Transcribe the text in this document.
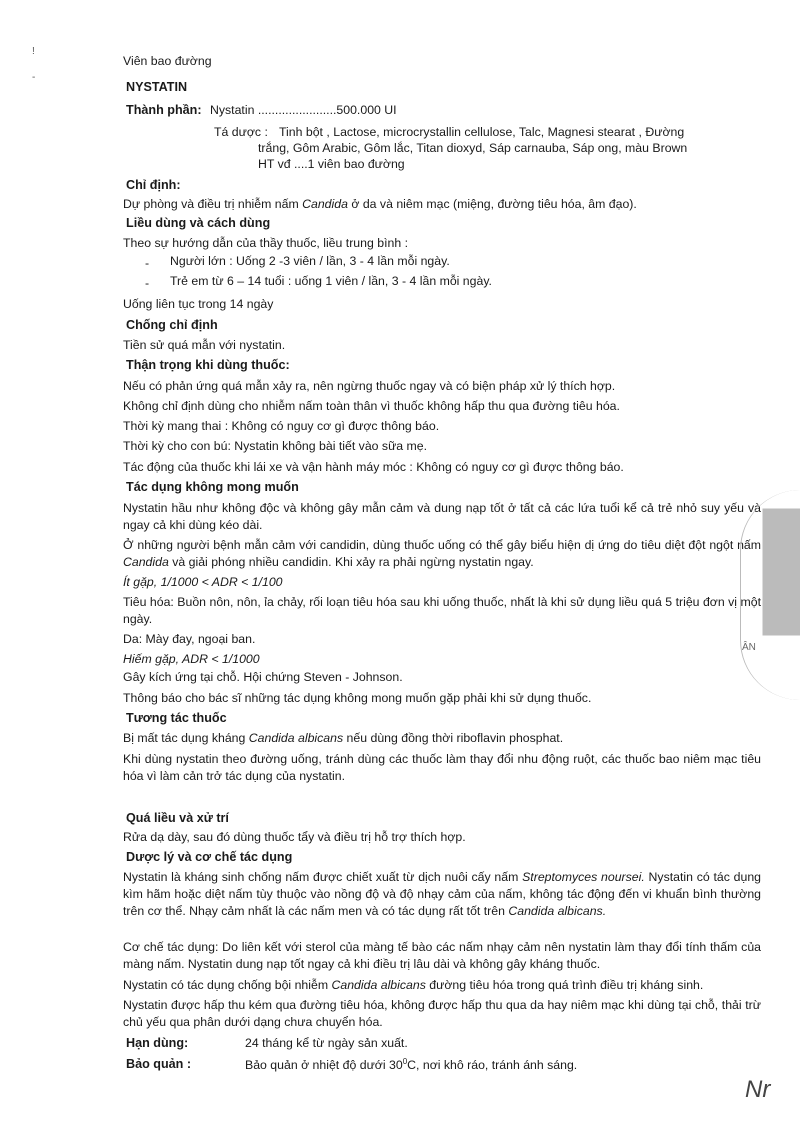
!
-
Viên bao đường
NYSTATIN
Thành phần: Nystatin .......................500.000 UI
Tá dược : Tinh bột , Lactose, microcrystallin cellulose, Talc, Magnesi stearat , Đường
trắng, Gôm Arabic, Gôm lắc, Titan dioxyd, Sáp carnauba, Sáp ong, màu Brown
HT vđ ....1 viên bao đường
Chỉ định:
Dự phòng và điều trị nhiễm nấm Candida ở da và niêm mạc (miệng, đường tiêu hóa, âm đạo).
Liều dùng và cách dùng
Theo sự hướng dẫn của thầy thuốc, liều trung bình :
- Người lớn : Uống 2 -3 viên / lần, 3 - 4 lần mỗi ngày.
- Trẻ em từ 6 – 14 tuổi : uống 1 viên / lần, 3 - 4 lần mỗi ngày.
Uống liên tục trong 14 ngày
Chống chỉ định
Tiền sử quá mẫn với nystatin.
Thận trọng khi dùng thuốc:
Nếu có phản ứng quá mẫn xảy ra, nên ngừng thuốc ngay và có biện pháp xử lý thích hợp.
Không chỉ định dùng cho nhiễm nấm toàn thân vì thuốc không hấp thu qua đường tiêu hóa.
Thời kỳ mang thai : Không có nguy cơ gì được thông báo.
Thời kỳ cho con bú: Nystatin không bài tiết vào sữa mẹ.
Tác động của thuốc khi lái xe và vận hành máy móc : Không có nguy cơ gì được thông báo.
Tác dụng không mong muốn
Nystatin hầu như không độc và không gây mẫn cảm và dung nạp tốt ở tất cả các lứa tuổi kể cả trẻ nhỏ suy yếu và ngay cả khi dùng kéo dài.
Ở những người bệnh mẫn cảm với candidin, dùng thuốc uống có thể gây biểu hiện dị ứng do tiêu diệt đột ngột nấm Candida và giải phóng nhiều candidin. Khi xảy ra phải ngừng nystatin ngay.
Ít gặp, 1/1000 < ADR < 1/100
Tiêu hóa: Buồn nôn, nôn, ỉa chảy, rối loạn tiêu hóa sau khi uống thuốc, nhất là khi sử dụng liều quá 5 triệu đơn vị một ngày.
Da: Mày đay, ngoại ban.
Hiếm gặp, ADR < 1/1000
Gây kích ứng tại chỗ. Hội chứng Steven - Johnson.
Thông báo cho bác sĩ những tác dụng không mong muốn gặp phải khi sử dụng thuốc.
Tương tác thuốc
Bị mất tác dụng kháng Candida albicans nếu dùng đồng thời riboflavin phosphat.
Khi dùng nystatin theo đường uống, tránh dùng các thuốc làm thay đổi nhu động ruột, các thuốc bao niêm mạc tiêu hóa vì làm cản trở tác dụng của nystatin.
Quá liều và xử trí
Rửa dạ dày, sau đó dùng thuốc tẩy và điều trị hỗ trợ thích hợp.
Dược lý và cơ chế tác dụng
Nystatin là kháng sinh chống nấm được chiết xuất từ dịch nuôi cấy nấm Streptomyces noursei. Nystatin có tác dụng kìm hãm hoặc diệt nấm tùy thuộc vào nồng độ và độ nhạy cảm của nấm, không tác động đến vi khuẩn bình thường trên cơ thể. Nhạy cảm nhất là các nấm men và có tác dụng rất tốt trên Candida albicans.
Cơ chế tác dụng: Do liên kết với sterol của màng tế bào các nấm nhạy cảm nên nystatin làm thay đổi tính thấm của màng nấm. Nystatin dung nạp tốt ngay cả khi điều trị lâu dài và không gây kháng thuốc.
Nystatin có tác dụng chống bội nhiễm Candida albicans đường tiêu hóa trong quá trình điều trị kháng sinh.
Nystatin được hấp thu kém qua đường tiêu hóa, không được hấp thu qua da hay niêm mạc khi dùng tại chỗ, thải trừ chủ yếu qua phân dưới dạng chưa chuyển hóa.
Hạn dùng:	24 tháng kể từ ngày sản xuất.
Bảo quản :	Bảo quản ở nhiệt độ dưới $30^0C$, nơi khô ráo, tránh ánh sáng.
ÂN
Nr
